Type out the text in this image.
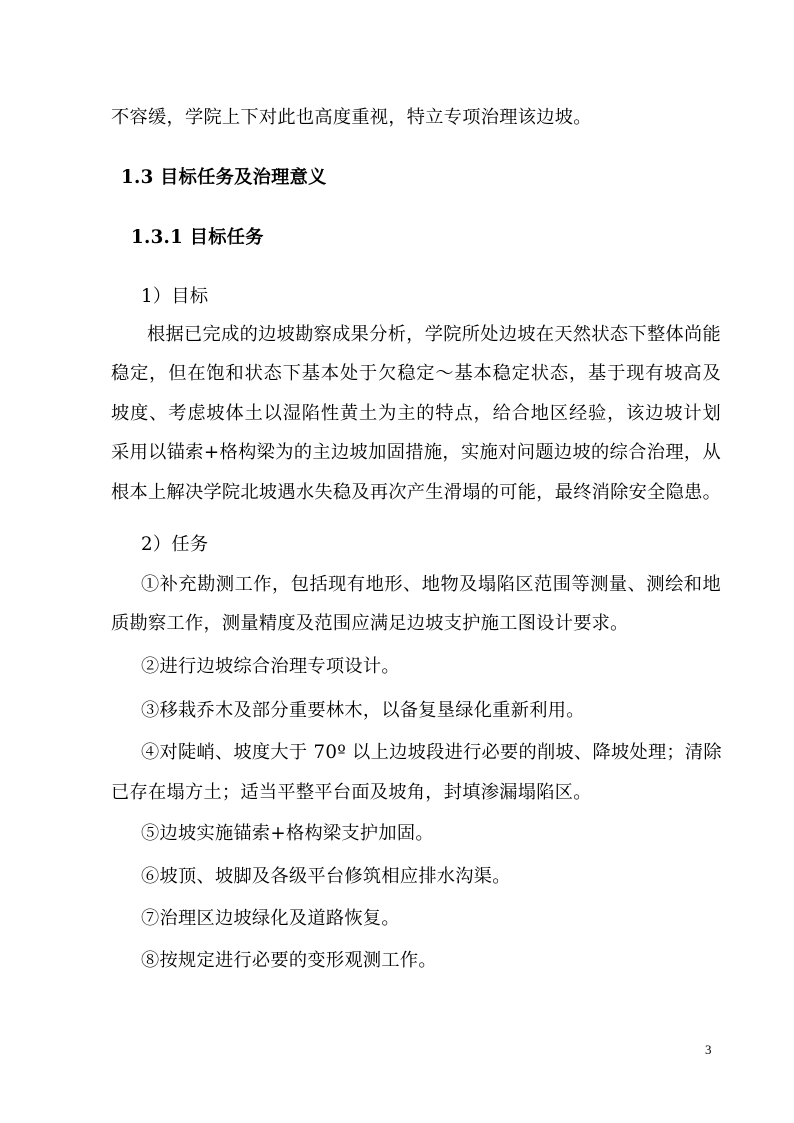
不容缓，学院上下对此也高度重视，特立专项治理该边坡。
1.3 目标任务及治理意义
1.3.1 目标任务
1）目标
根据已完成的边坡勘察成果分析，学院所处边坡在天然状态下整体尚能
稳定，但在饱和状态下基本处于欠稳定～基本稳定状态，基于现有坡高及
坡度、考虑坡体土以湿陷性黄土为主的特点，给合地区经验，该边坡计划
采用以锚索+格构梁为的主边坡加固措施，实施对问题边坡的综合治理，从
根本上解决学院北坡遇水失稳及再次产生滑塌的可能，最终消除安全隐患。
2）任务
①补充勘测工作，包括现有地形、地物及塌陷区范围等测量、测绘和地
质勘察工作，测量精度及范围应满足边坡支护施工图设计要求。
②进行边坡综合治理专项设计。
③移栽乔木及部分重要林木，以备复垦绿化重新利用。
④对陡峭、坡度大于 70º 以上边坡段进行必要的削坡、降坡处理；清除
已存在塌方土；适当平整平台面及坡角，封填渗漏塌陷区。
⑤边坡实施锚索+格构梁支护加固。
⑥坡顶、坡脚及各级平台修筑相应排水沟渠。
⑦治理区边坡绿化及道路恢复。
⑧按规定进行必要的变形观测工作。
3
